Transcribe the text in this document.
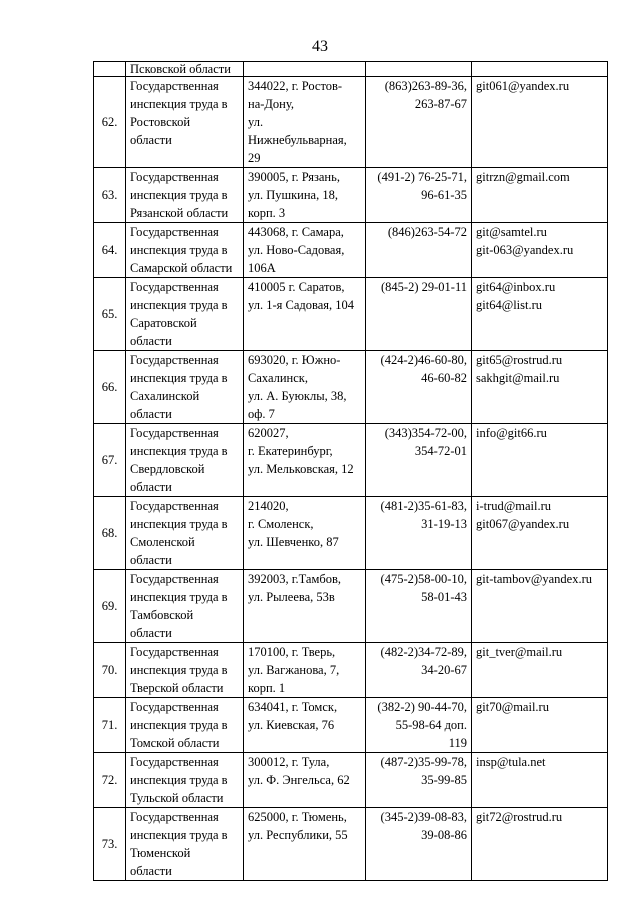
43

	Псковской области			

62.	Государственная
инспекция труда в
Ростовской
области	344022, г. Ростов-
на-Дону,
ул.
Нижнебульварная,
29	(863)263-89-36,
263-87-67	git061@yandex.ru

63.	Государственная
инспекция труда в
Рязанской области	390005, г. Рязань,
ул. Пушкина, 18,
корп. 3	(491-2) 76-25-71,
96-61-35	gitrzn@gmail.com

64.	Государственная
инспекция труда в
Самарской области	443068, г. Самара,
ул. Ново-Садовая,
106А	(846)263-54-72	git@samtel.ru
git-063@yandex.ru

65.	Государственная
инспекция труда в
Саратовской
области	410005 г. Саратов,
ул. 1-я Садовая, 104	(845-2) 29-01-11	git64@inbox.ru
git64@list.ru

66.	Государственная
инспекция труда в
Сахалинской
области	693020, г. Южно-
Сахалинск,
ул. А. Буюклы, 38,
оф. 7	(424-2)46-60-80,
46-60-82	git65@rostrud.ru
sakhgit@mail.ru

67.	Государственная
инспекция труда в
Свердловской
области	620027,
г. Екатеринбург,
ул. Мельковская, 12	(343)354-72-00,
354-72-01	info@git66.ru

68.	Государственная
инспекция труда в
Смоленской
области	214020,
г. Смоленск,
ул. Шевченко, 87	(481-2)35-61-83,
31-19-13	i-trud@mail.ru
git067@yandex.ru

69.	Государственная
инспекция труда в
Тамбовской
области	392003, г.Тамбов,
ул. Рылеева, 53в	(475-2)58-00-10,
58-01-43	git-tambov@yandex.ru

70.	Государственная
инспекция труда в
Тверской области	170100, г. Тверь,
ул. Вагжанова, 7,
корп. 1	(482-2)34-72-89,
34-20-67	git_tver@mail.ru

71.	Государственная
инспекция труда в
Томской области	634041, г. Томск,
ул. Киевская, 76	(382-2) 90-44-70,
55-98-64 доп.
119	git70@mail.ru

72.	Государственная
инспекция труда в
Тульской области	300012, г. Тула,
ул. Ф. Энгельса, 62	(487-2)35-99-78,
35-99-85	insp@tula.net

73.	Государственная
инспекция труда в
Тюменской
области	625000, г. Тюмень,
ул. Республики, 55	(345-2)39-08-83,
39-08-86	git72@rostrud.ru
